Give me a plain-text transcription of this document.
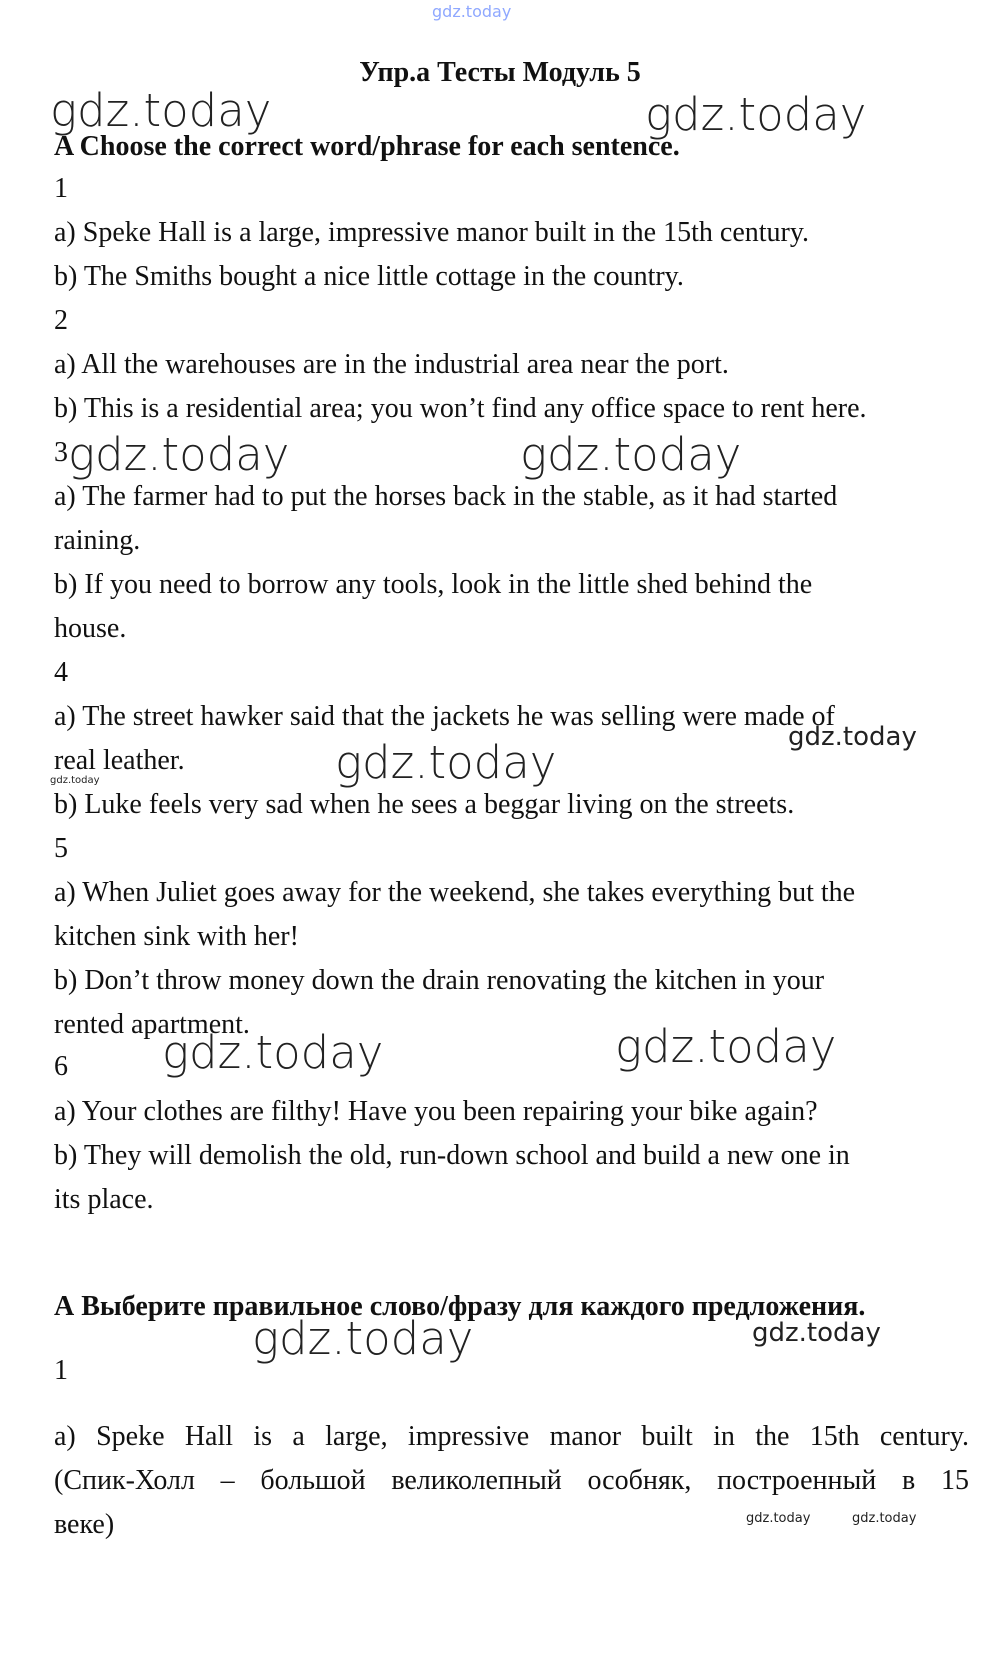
gdz.today
Упр.a Тесты Модуль 5
gdz.today	gdz.today
A Choose the correct word/phrase for each sentence.
1
a) Speke Hall is a large, impressive manor built in the 15th century.
b) The Smiths bought a nice little cottage in the country.
2
a) All the warehouses are in the industrial area near the port.
b) This is a residential area; you won’t find any office space to rent here.
3 gdz.today	gdz.today
a) The farmer had to put the horses back in the stable, as it had started
raining.
b) If you need to borrow any tools, look in the little shed behind the
house.
4
a) The street hawker said that the jackets he was selling were made of
gdz.today
real leather.	gdz.today
gdz.today
b) Luke feels very sad when he sees a beggar living on the streets.
5
a) When Juliet goes away for the weekend, she takes everything but the
kitchen sink with her!
b) Don’t throw money down the drain renovating the kitchen in your
rented apartment.
6 gdz.today	gdz.today
a) Your clothes are filthy! Have you been repairing your bike again?
b) They will demolish the old, run-down school and build a new one in
its place.
А Выберите правильное слово/фразу для каждого предложения.
gdz.today	gdz.today
1
a) Speke Hall is a large, impressive manor built in the 15th century.
(Спик-Холл – большой великолепный особняк, построенный в 15
веке)	gdz.today	gdz.today
